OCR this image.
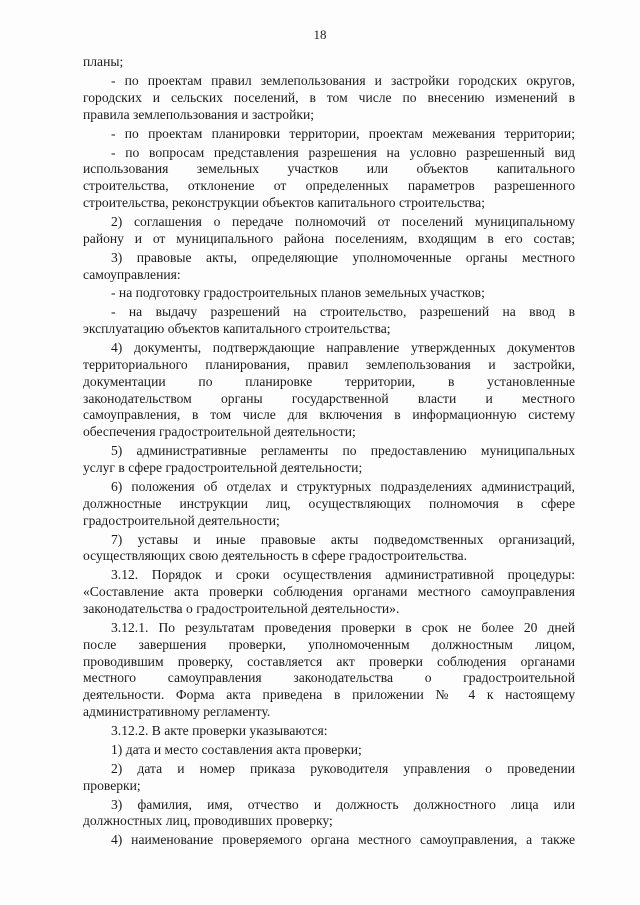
18
планы;
- по проектам правил землепользования и застройки городских округов,
городских и сельских поселений, в том числе по внесению изменений в
правила землепользования и застройки;
- по проектам планировки территории, проектам межевания территории;
- по вопросам представления разрешения на условно разрешенный вид
использования земельных участков или объектов капитального
строительства, отклонение от определенных параметров разрешенного
строительства, реконструкции объектов капитального строительства;
2) соглашения о передаче полномочий от поселений муниципальному
району и от муниципального района поселениям, входящим в его состав;
3) правовые акты, определяющие уполномоченные органы местного
самоуправления:
- на подготовку градостроительных планов земельных участков;
- на выдачу разрешений на строительство, разрешений на ввод в
эксплуатацию объектов капитального строительства;
4) документы, подтверждающие направление утвержденных документов
территориального планирования, правил землепользования и застройки,
документации по планировке территории, в установленные
законодательством органы государственной власти и местного
самоуправления, в том числе для включения в информационную систему
обеспечения градостроительной деятельности;
5) административные регламенты по предоставлению муниципальных
услуг в сфере градостроительной деятельности;
6) положения об отделах и структурных подразделениях администраций,
должностные инструкции лиц, осуществляющих полномочия в сфере
градостроительной деятельности;
7) уставы и иные правовые акты подведомственных организаций,
осуществляющих свою деятельность в сфере градостроительства.
3.12. Порядок и сроки осуществления административной процедуры:
«Составление акта проверки соблюдения органами местного самоуправления
законодательства о градостроительной деятельности».
3.12.1. По результатам проведения проверки в срок не более 20 дней
после завершения проверки, уполномоченным должностным лицом,
проводившим проверку, составляется акт проверки соблюдения органами
местного самоуправления законодательства о градостроительной
деятельности. Форма акта приведена в приложении № 4 к настоящему
административному регламенту.
3.12.2. В акте проверки указываются:
1) дата и место составления акта проверки;
2) дата и номер приказа руководителя управления о проведении
проверки;
3) фамилия, имя, отчество и должность должностного лица или
должностных лиц, проводивших проверку;
4) наименование проверяемого органа местного самоуправления, а также
